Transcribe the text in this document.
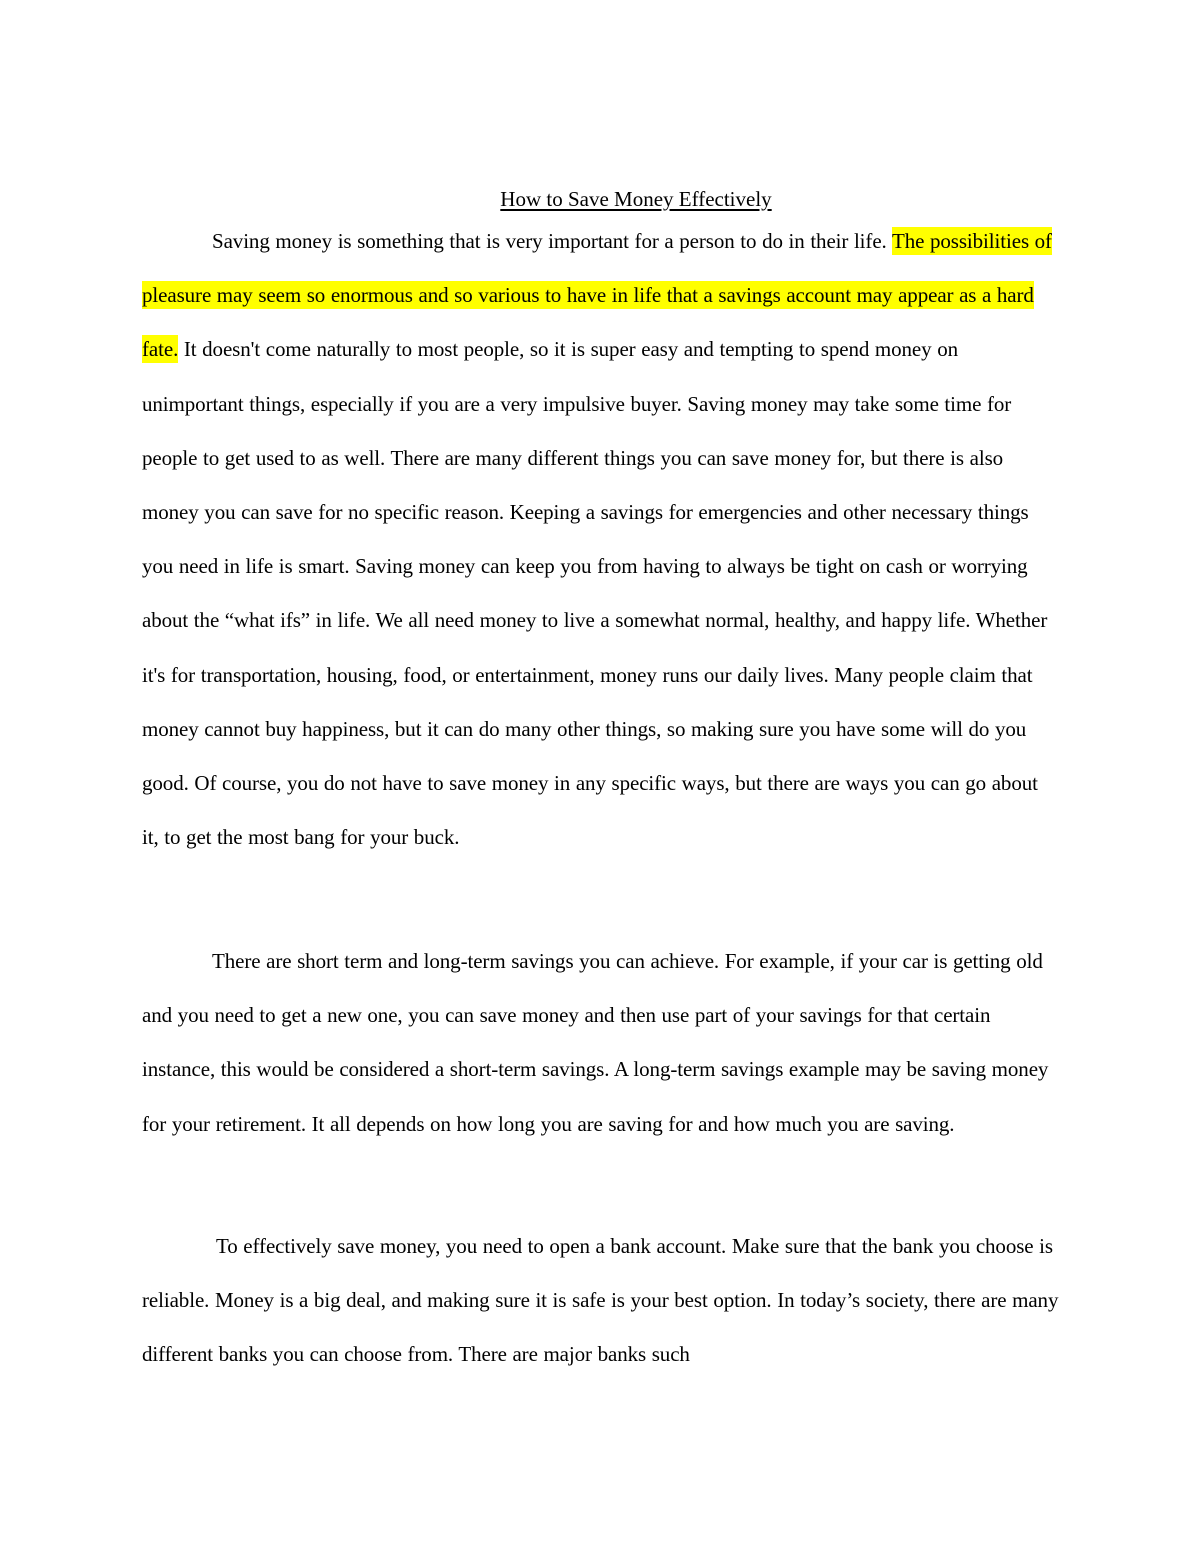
How to Save Money Effectively

Saving money is something that is very important for a person to do in their life. The possibilities of pleasure may seem so enormous and so various to have in life that a savings account may appear as a hard fate. It doesn't come naturally to most people, so it is super easy and tempting to spend money on unimportant things, especially if you are a very impulsive buyer. Saving money may take some time for people to get used to as well. There are many different things you can save money for, but there is also money you can save for no specific reason. Keeping a savings for emergencies and other necessary things you need in life is smart. Saving money can keep you from having to always be tight on cash or worrying about the “what ifs” in life. We all need money to live a somewhat normal, healthy, and happy life. Whether it's for transportation, housing, food, or entertainment, money runs our daily lives. Many people claim that money cannot buy happiness, but it can do many other things, so making sure you have some will do you good. Of course, you do not have to save money in any specific ways, but there are ways you can go about it, to get the most bang for your buck.

There are short term and long-term savings you can achieve. For example, if your car is getting old and you need to get a new one, you can save money and then use part of your savings for that certain instance, this would be considered a short-term savings. A long-term savings example may be saving money for your retirement. It all depends on how long you are saving for and how much you are saving.

To effectively save money, you need to open a bank account. Make sure that the bank you choose is reliable. Money is a big deal, and making sure it is safe is your best option. In today’s society, there are many different banks you can choose from. There are major banks such
